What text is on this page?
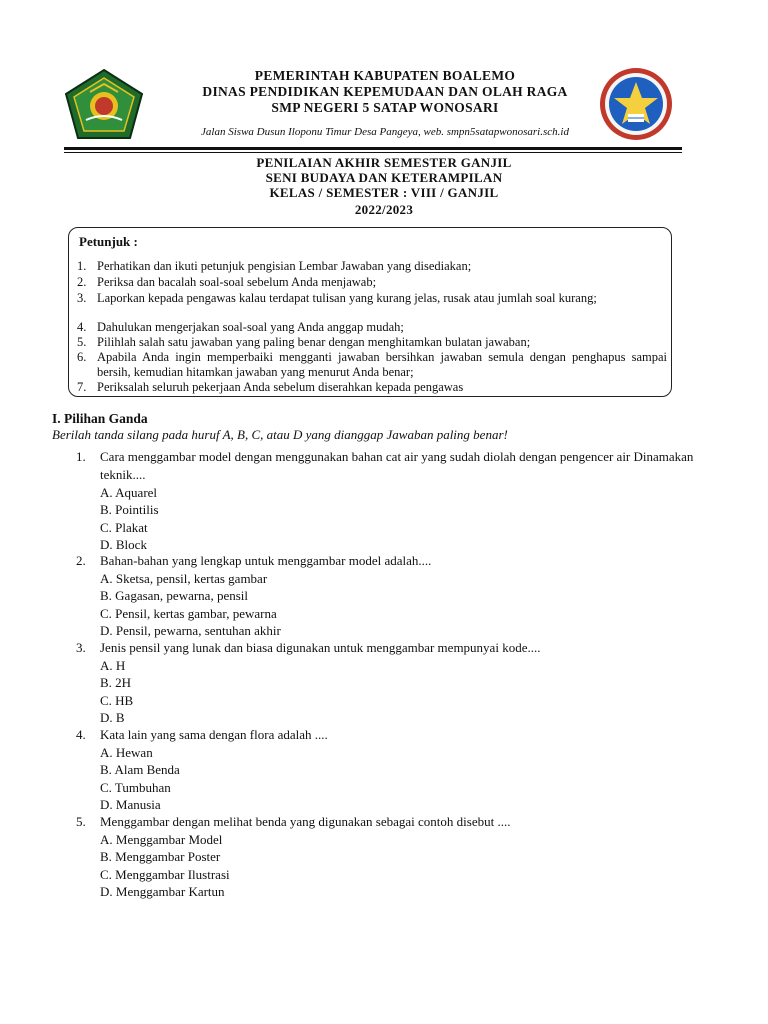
PEMERINTAH KABUPATEN BOALEMO
DINAS PENDIDIKAN KEPEMUDAAN DAN OLAH RAGA
SMP NEGERI 5 SATAP WONOSARI
Jalan Siswa Dusun Iloponu Timur Desa Pangeya, web. smpn5satapwonosari.sch.id
PENILAIAN AKHIR SEMESTER GANJIL
SENI BUDAYA DAN KETERAMPILAN
KELAS / SEMESTER : VIII / GANJIL
2022/2023
Petunjuk :
1. Perhatikan dan ikuti petunjuk pengisian Lembar Jawaban yang disediakan;
2. Periksa dan bacalah soal-soal sebelum Anda menjawab;
3. Laporkan kepada pengawas kalau terdapat tulisan yang kurang jelas, rusak atau jumlah soal kurang;
4. Dahulukan mengerjakan soal-soal yang Anda anggap mudah;
5. Pilihlah salah satu jawaban yang paling benar dengan menghitamkan bulatan jawaban;
6. Apabila Anda ingin memperbaiki mengganti jawaban bersihkan jawaban semula dengan penghapus sampai bersih, kemudian hitamkan jawaban yang menurut Anda benar;
7. Periksalah seluruh pekerjaan Anda sebelum diserahkan kepada pengawas
I. Pilihan Ganda
Berilah tanda silang pada huruf A, B, C, atau D yang dianggap Jawaban paling benar!
1. Cara menggambar model dengan menggunakan bahan cat air yang sudah diolah dengan pengencer air Dinamakan teknik....
A. Aquarel
B. Pointilis
C. Plakat
D. Block
2. Bahan-bahan yang lengkap untuk menggambar model adalah....
A. Sketsa, pensil, kertas gambar
B. Gagasan, pewarna, pensil
C. Pensil, kertas gambar, pewarna
D. Pensil, pewarna, sentuhan akhir
3. Jenis pensil yang lunak dan biasa digunakan untuk menggambar mempunyai kode....
A. H
B. 2H
C. HB
D. B
4. Kata lain yang sama dengan flora adalah ....
A. Hewan
B. Alam Benda
C. Tumbuhan
D. Manusia
5. Menggambar dengan melihat benda yang digunakan sebagai contoh disebut ....
A. Menggambar Model
B. Menggambar Poster
C. Menggambar Ilustrasi
D. Menggambar Kartun
